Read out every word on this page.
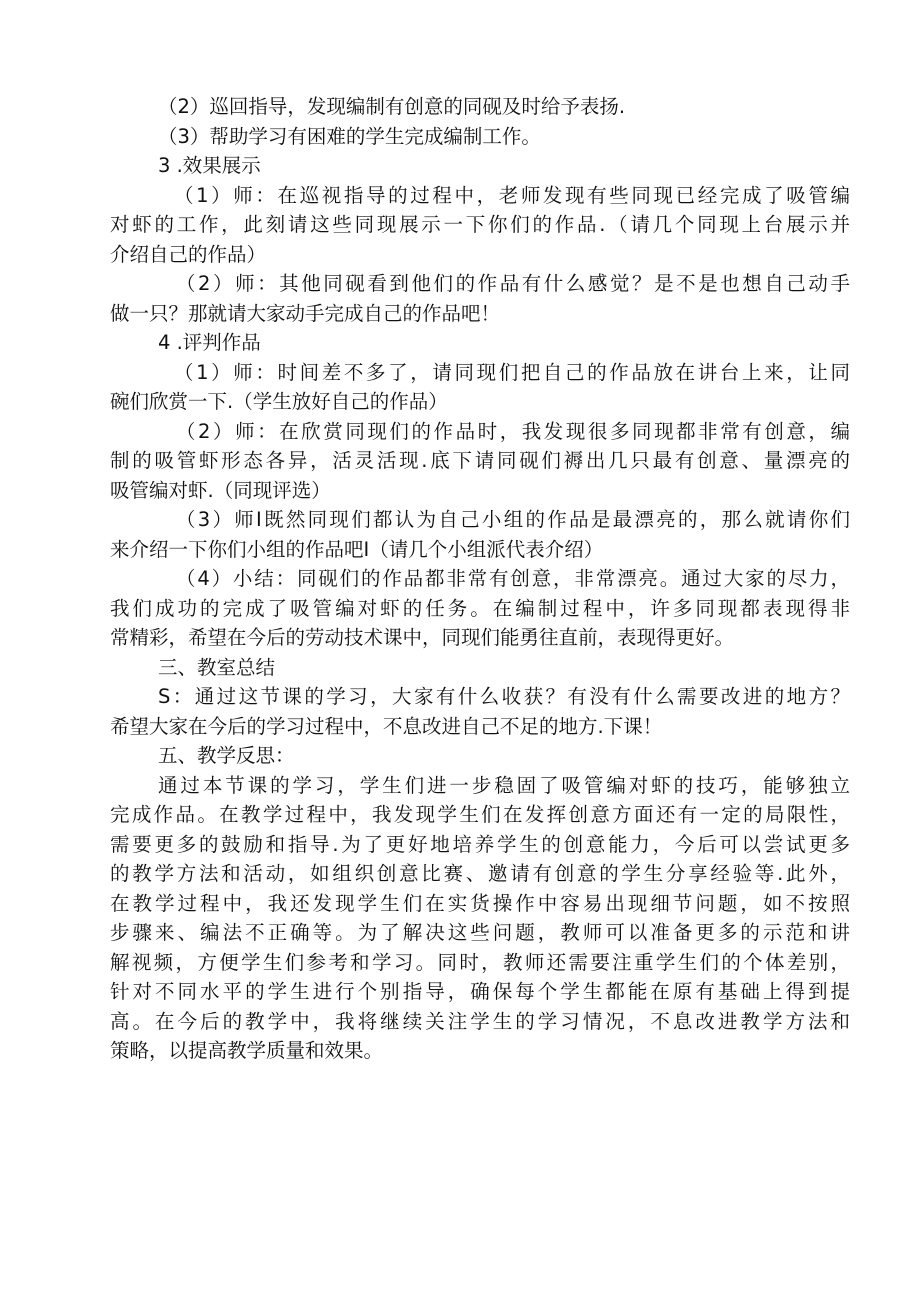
（2）巡回指导，发现编制有创意的同砚及时给予表扬.
（3）帮助学习有困难的学生完成编制工作。
3 .效果展示
（1）师：在巡视指导的过程中，老师发现有些同现已经完成了吸管编
对虾的工作，此刻请这些同现展示一下你们的作品.（请几个同现上台展示并
介绍自己的作品）
（2）师：其他同砚看到他们的作品有什么感觉？是不是也想自己动手
做一只？那就请大家动手完成自己的作品吧！
4 .评判作品
（1）师：时间差不多了，请同现们把自己的作品放在讲台上来，让同
碗们欣赏一下.（学生放好自己的作品）
（2）师：在欣赏同现们的作品时，我发现很多同现都非常有创意，编
制的吸管虾形态各异，活灵活现.底下请同砚们褥出几只最有创意、量漂亮的
吸管编对虾.（同现评选）
（3）师I既然同现们都认为自己小组的作品是最漂亮的，那么就请你们
来介绍一下你们小组的作品吧I（请几个小组派代表介绍）
（4）小结：同砚们的作品都非常有创意，非常漂亮。通过大家的尽力，
我们成功的完成了吸管编对虾的任务。在编制过程中，许多同现都表现得非
常精彩，希望在今后的劳动技术课中，同现们能勇往直前，表现得更好。
三、教室总结
S：通过这节课的学习，大家有什么收获？有没有什么需要改进的地方？
希望大家在今后的学习过程中，不息改进自己不足的地方.下课！
五、教学反思：
通过本节课的学习，学生们进一步稳固了吸管编对虾的技巧，能够独立
完成作品。在教学过程中，我发现学生们在发挥创意方面还有一定的局限性，
需要更多的鼓励和指导.为了更好地培养学生的创意能力，今后可以尝试更多
的教学方法和活动，如组织创意比赛、邀请有创意的学生分享经验等.此外，
在教学过程中，我还发现学生们在实货操作中容易出现细节问题，如不按照
步骤来、编法不正确等。为了解决这些问题，教师可以准备更多的示范和讲
解视频，方便学生们参考和学习。同时，教师还需要注重学生们的个体差别，
针对不同水平的学生进行个别指导，确保每个学生都能在原有基础上得到提
高。在今后的教学中，我将继续关注学生的学习情况，不息改进教学方法和
策略，以提高教学质量和效果。
